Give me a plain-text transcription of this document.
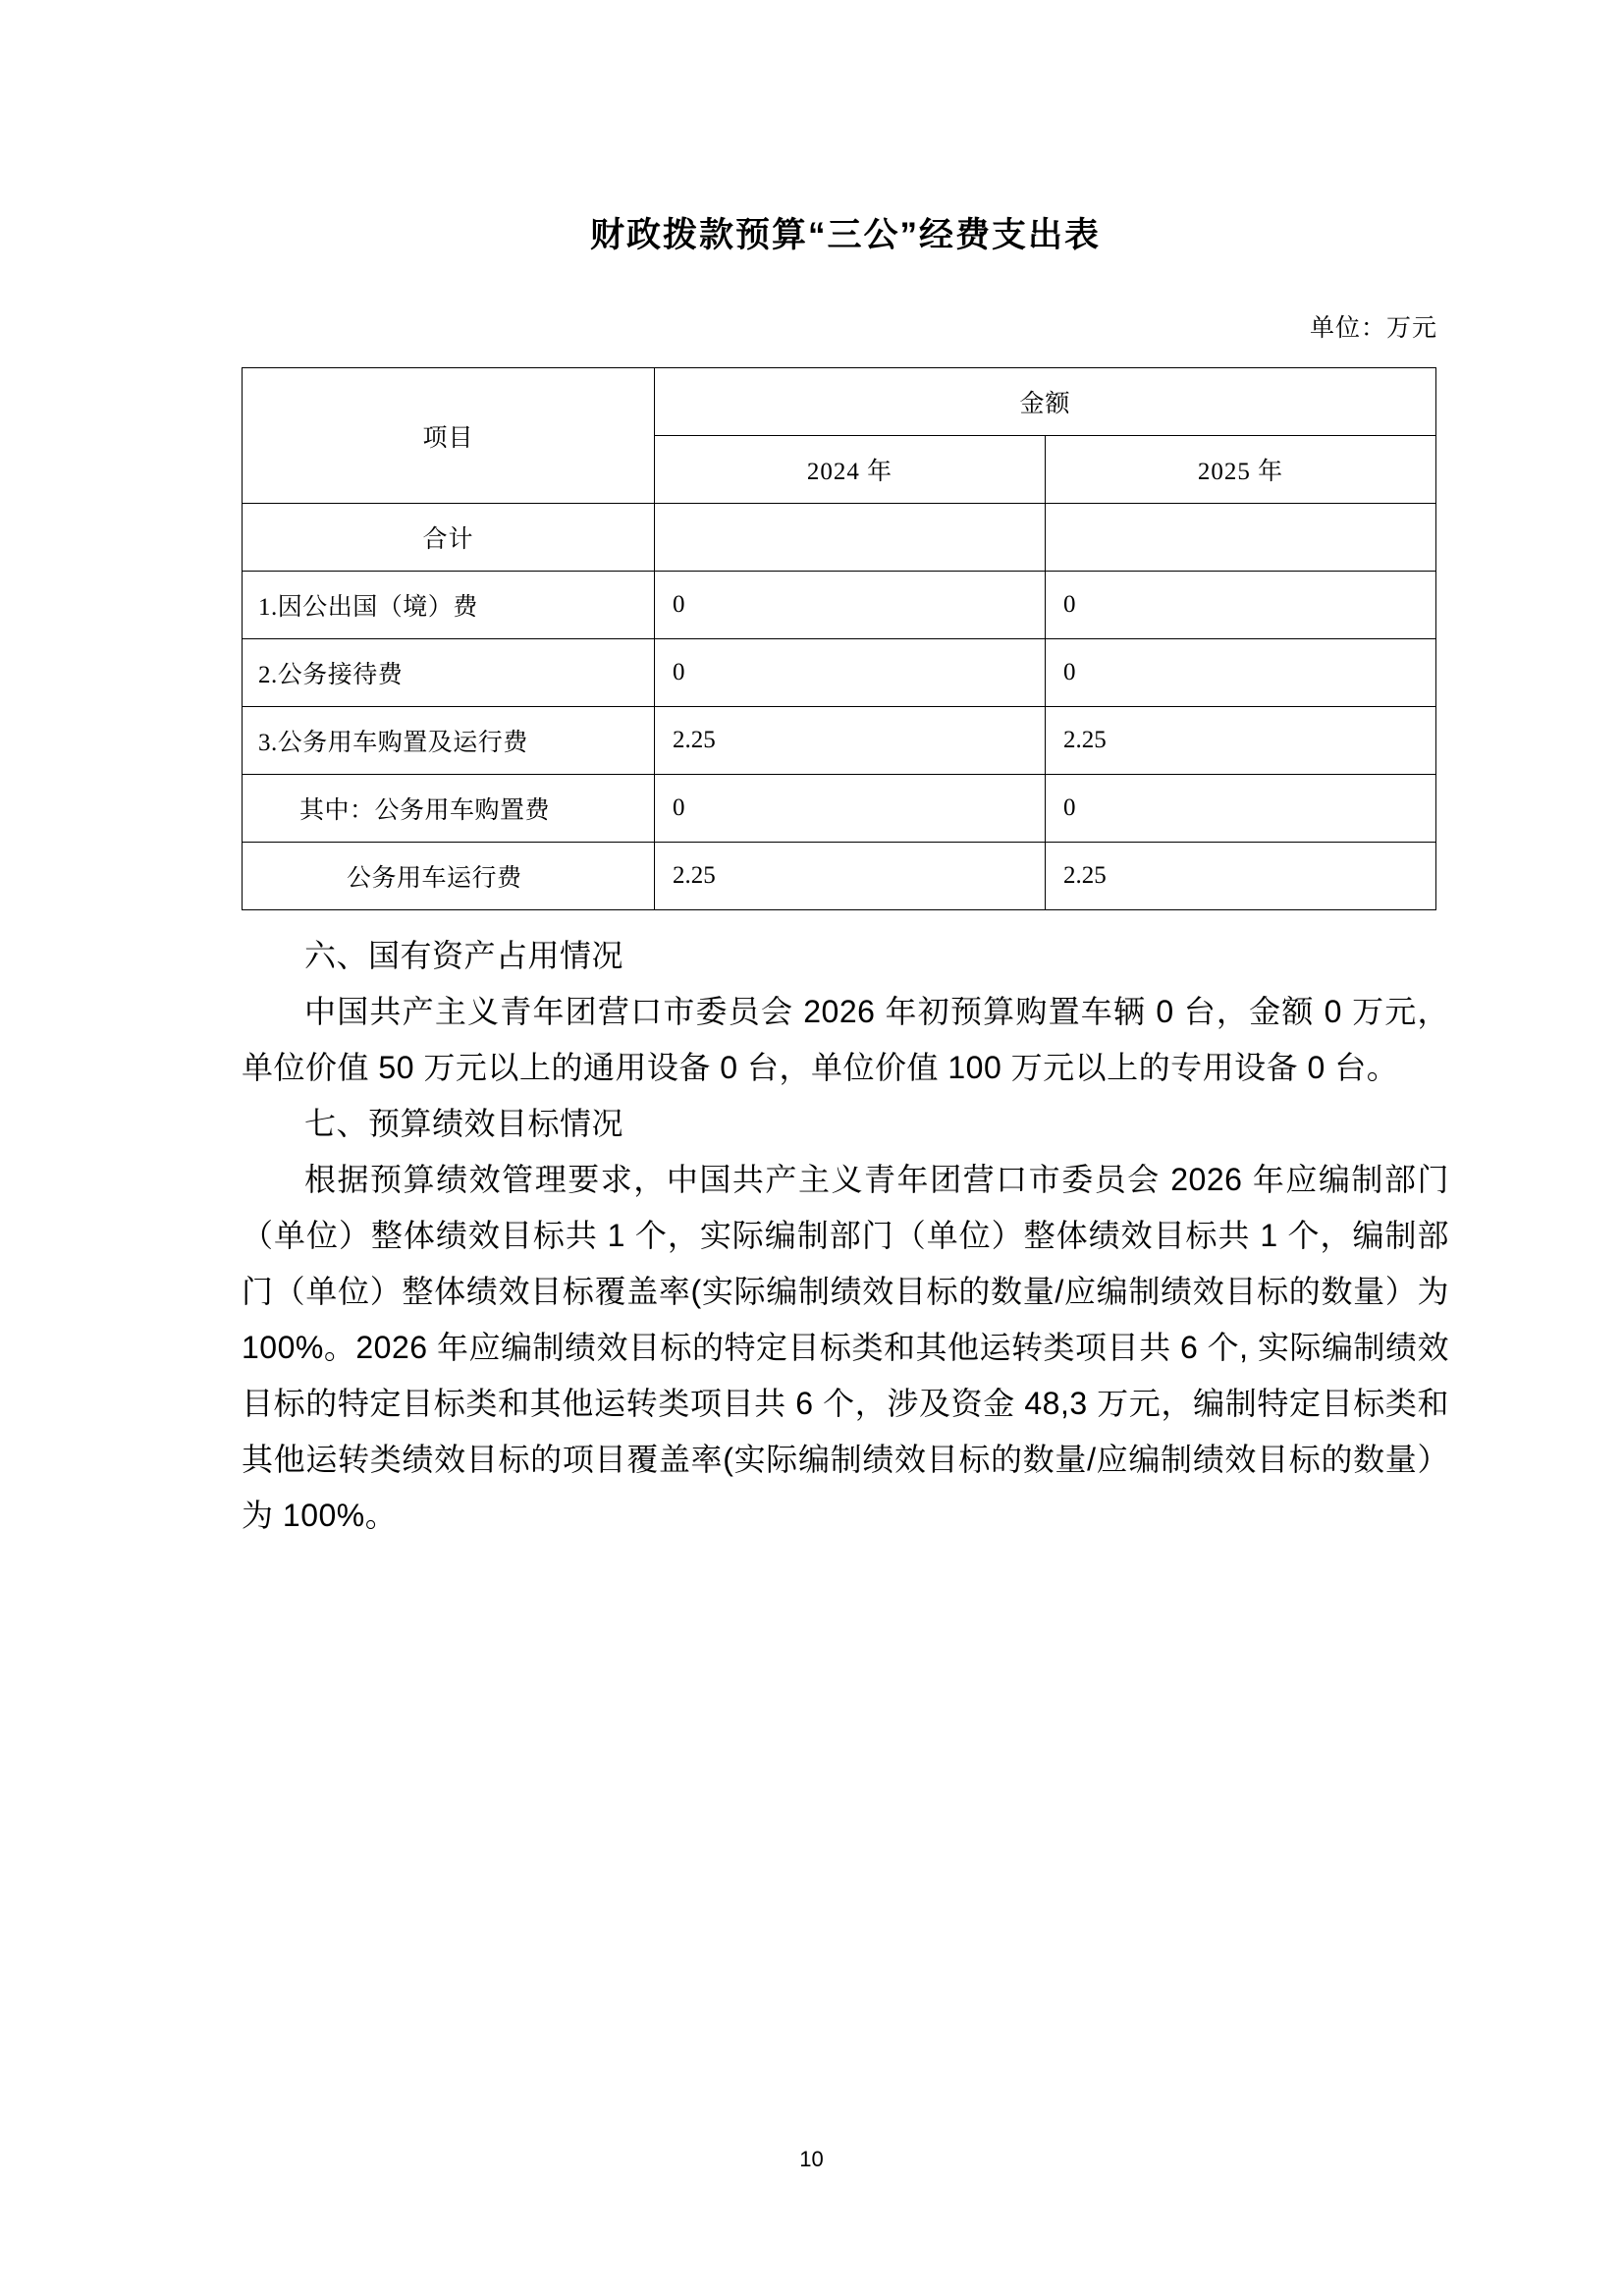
财政拨款预算“三公”经费支出表
单位：万元
项目	金额	
	2024 年	2025 年
合计		
1.因公出国（境）费	0	0
2.公务接待费	0	0
3.公务用车购置及运行费	2.25	2.25
其中：公务用车购置费	0	0
公务用车运行费	2.25	2.25

六、国有资产占用情况

中国共产主义青年团营口市委员会 2026 年初预算购置车辆 0 台，金额 0 万元，单位价值 50 万元以上的通用设备 0 台，单位价值 100 万元以上的专用设备 0 台。

七、预算绩效目标情况

根据预算绩效管理要求，中国共产主义青年团营口市委员会 2026 年应编制部门（单位）整体绩效目标共 1 个，实际编制部门（单位）整体绩效目标共 1 个，编制部门（单位）整体绩效目标覆盖率(实际编制绩效目标的数量/应编制绩效目标的数量）为 100%。2026 年应编制绩效目标的特定目标类和其他运转类项目共 6 个, 实际编制绩效目标的特定目标类和其他运转类项目共 6 个，涉及资金 48,3 万元，编制特定目标类和其他运转类绩效目标的项目覆盖率(实际编制绩效目标的数量/应编制绩效目标的数量）为 100%。

10
